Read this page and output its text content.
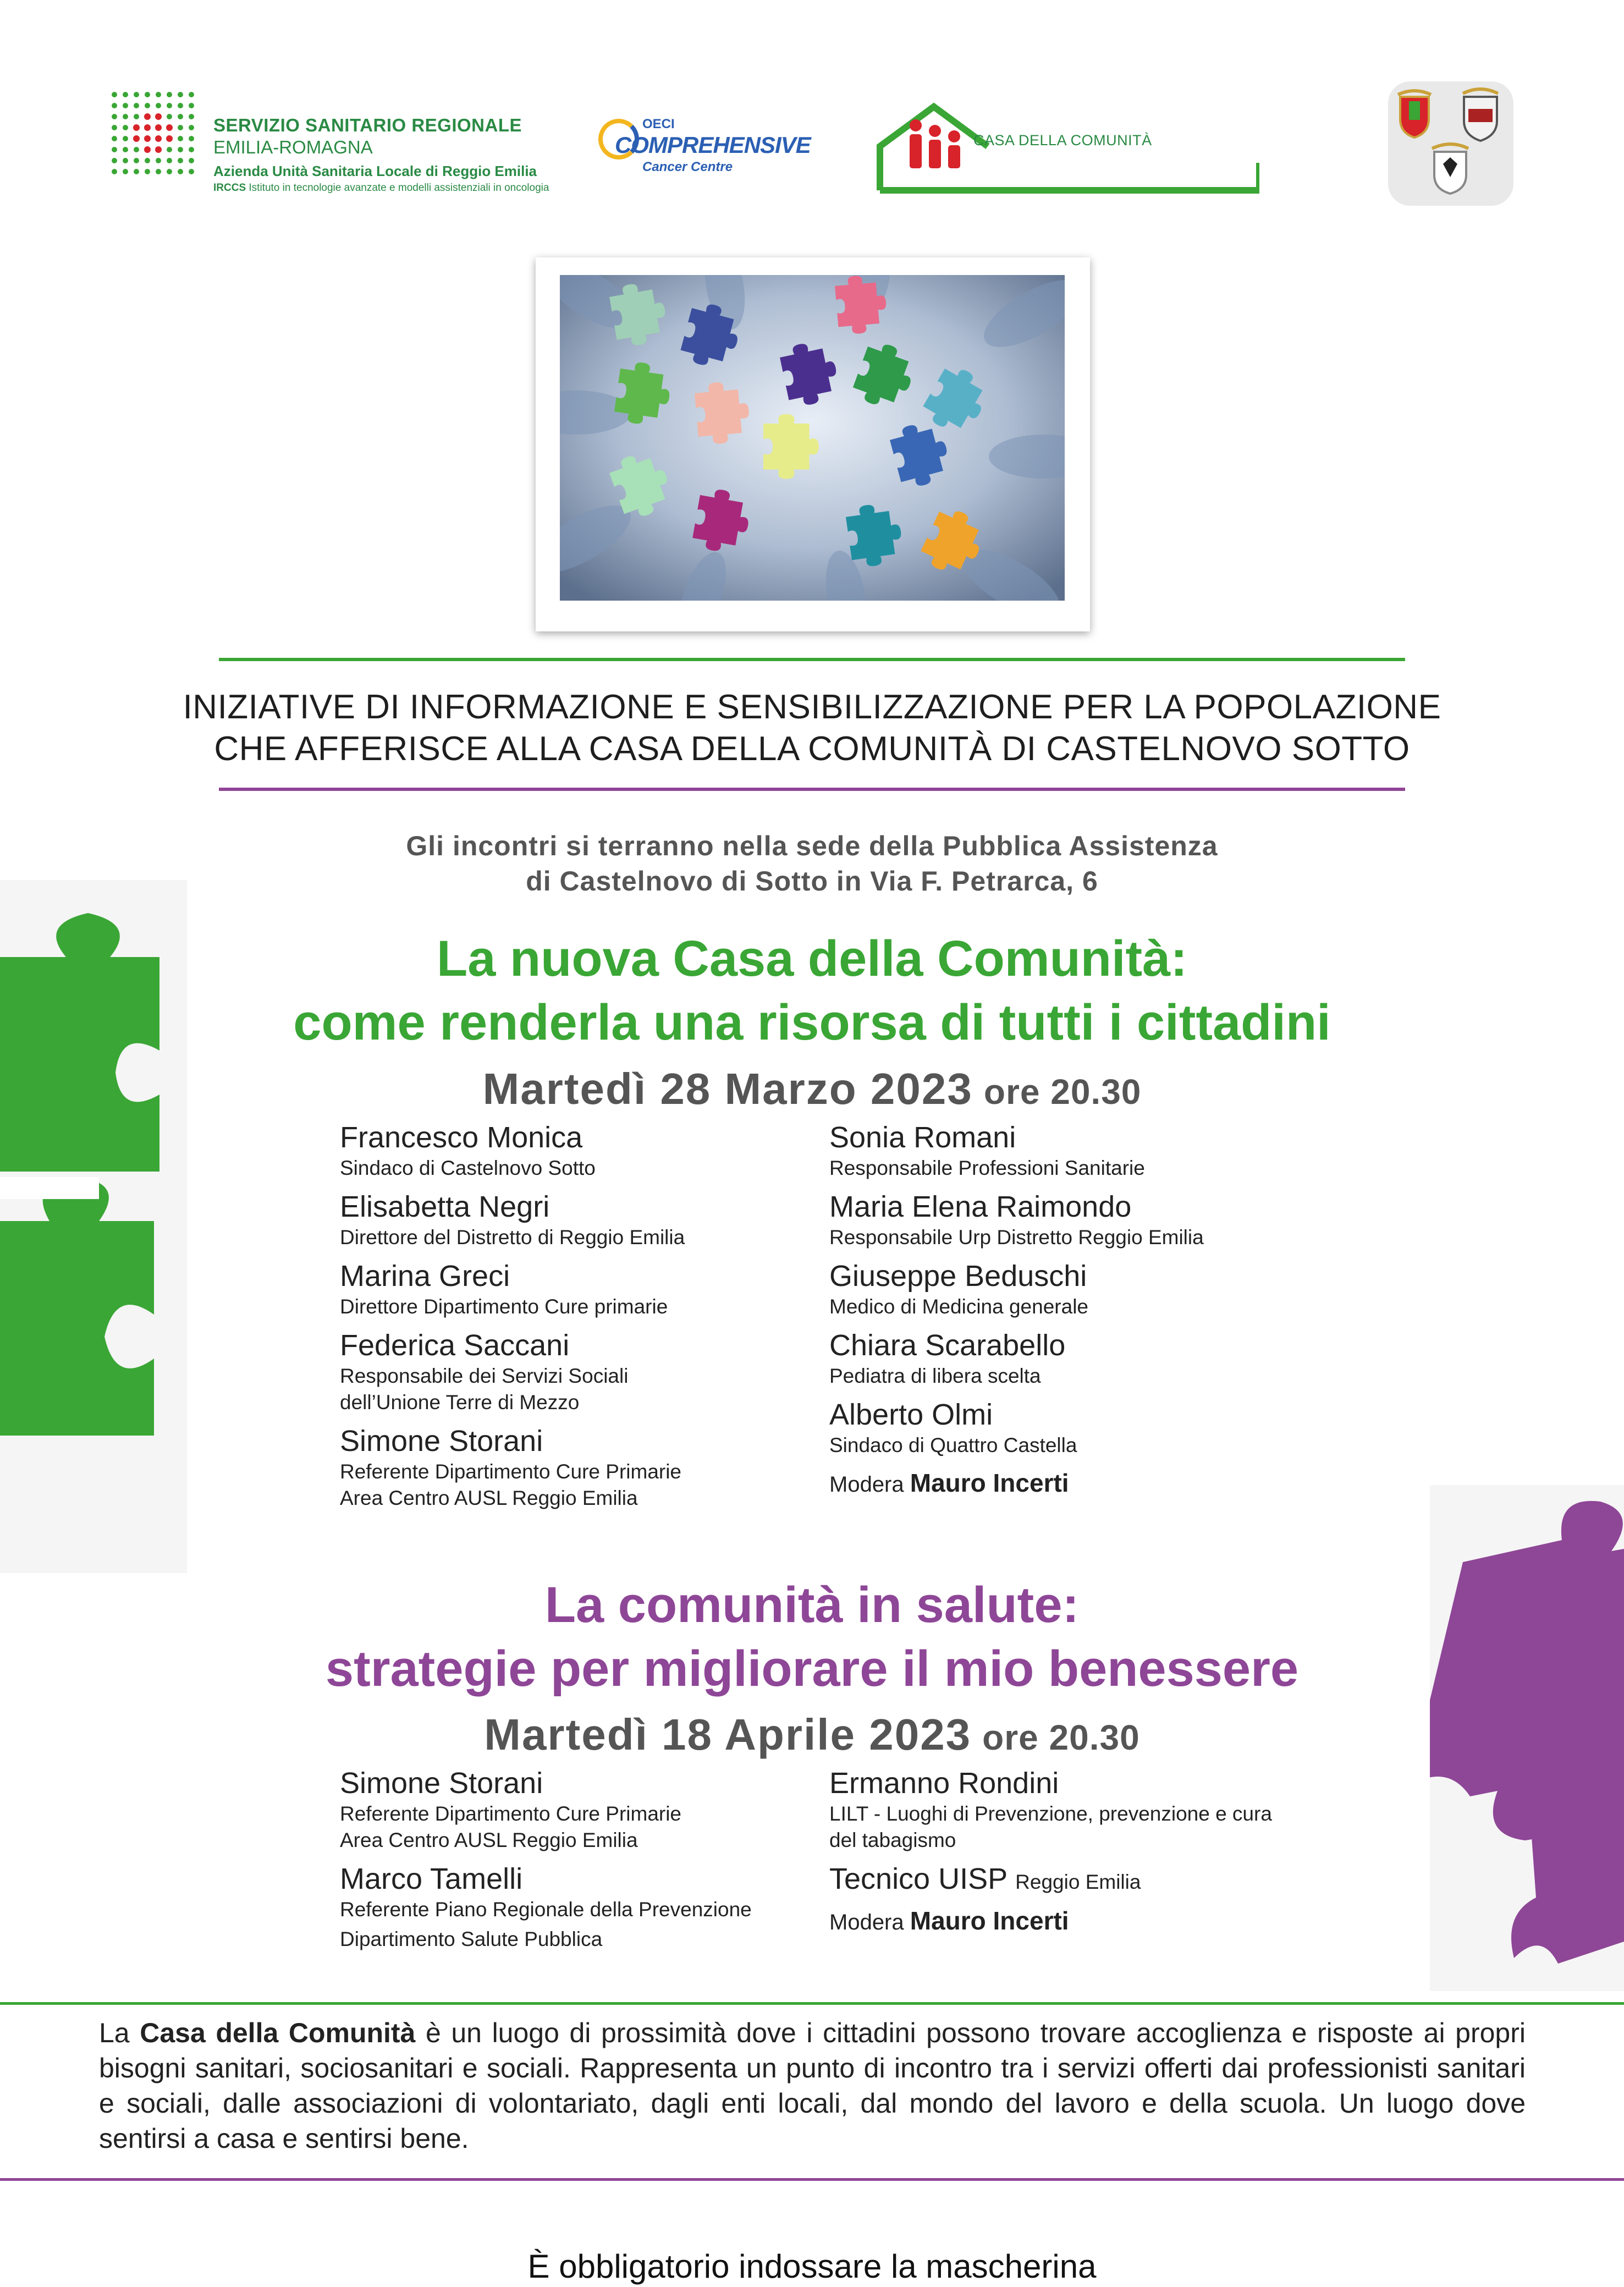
SERVIZIO SANITARIO REGIONALE
EMILIA-ROMAGNA
Azienda Unità Sanitaria Locale di Reggio Emilia
IRCCS Istituto in tecnologie avanzate e modelli assistenziali in oncologia
OECI
COMPREHENSIVE
Cancer Centre
CASA DELLA COMUNITÀ
INIZIATIVE DI INFORMAZIONE E SENSIBILIZZAZIONE PER LA POPOLAZIONE
CHE AFFERISCE ALLA CASA DELLA COMUNITÀ DI CASTELNOVO SOTTO
Gli incontri si terranno nella sede della Pubblica Assistenza
di Castelnovo di Sotto in Via F. Petrarca, 6
La nuova Casa della Comunità:
come renderla una risorsa di tutti i cittadini
Martedì 28 Marzo 2023 ore 20.30
Francesco Monica
Sindaco di Castelnovo Sotto
Elisabetta Negri
Direttore del Distretto di Reggio Emilia
Marina Greci
Direttore Dipartimento Cure primarie
Federica Saccani
Responsabile dei Servizi Sociali
dell’Unione Terre di Mezzo
Simone Storani
Referente Dipartimento Cure Primarie
Area Centro AUSL Reggio Emilia
Sonia Romani
Responsabile Professioni Sanitarie
Maria Elena Raimondo
Responsabile Urp Distretto Reggio Emilia
Giuseppe Beduschi
Medico di Medicina generale
Chiara Scarabello
Pediatra di libera scelta
Alberto Olmi
Sindaco di Quattro Castella
Modera Mauro Incerti
La comunità in salute:
strategie per migliorare il mio benessere
Martedì 18 Aprile 2023 ore 20.30
Simone Storani
Referente Dipartimento Cure Primarie
Area Centro AUSL Reggio Emilia
Marco Tamelli
Referente Piano Regionale della Prevenzione
Dipartimento Salute Pubblica
Ermanno Rondini
LILT - Luoghi di Prevenzione, prevenzione e cura
del tabagismo
Tecnico UISP Reggio Emilia
Modera Mauro Incerti
La Casa della Comunità è un luogo di prossimità dove i cittadini possono trovare accoglienza e risposte ai propri bisogni sanitari, sociosanitari e sociali. Rappresenta un punto di incontro tra i servizi offerti dai professionisti sanitari e sociali, dalle associazioni di volontariato, dagli enti locali, dal mondo del lavoro e della scuola. Un luogo dove sentirsi a casa e sentirsi bene.
È obbligatorio indossare la mascherina
